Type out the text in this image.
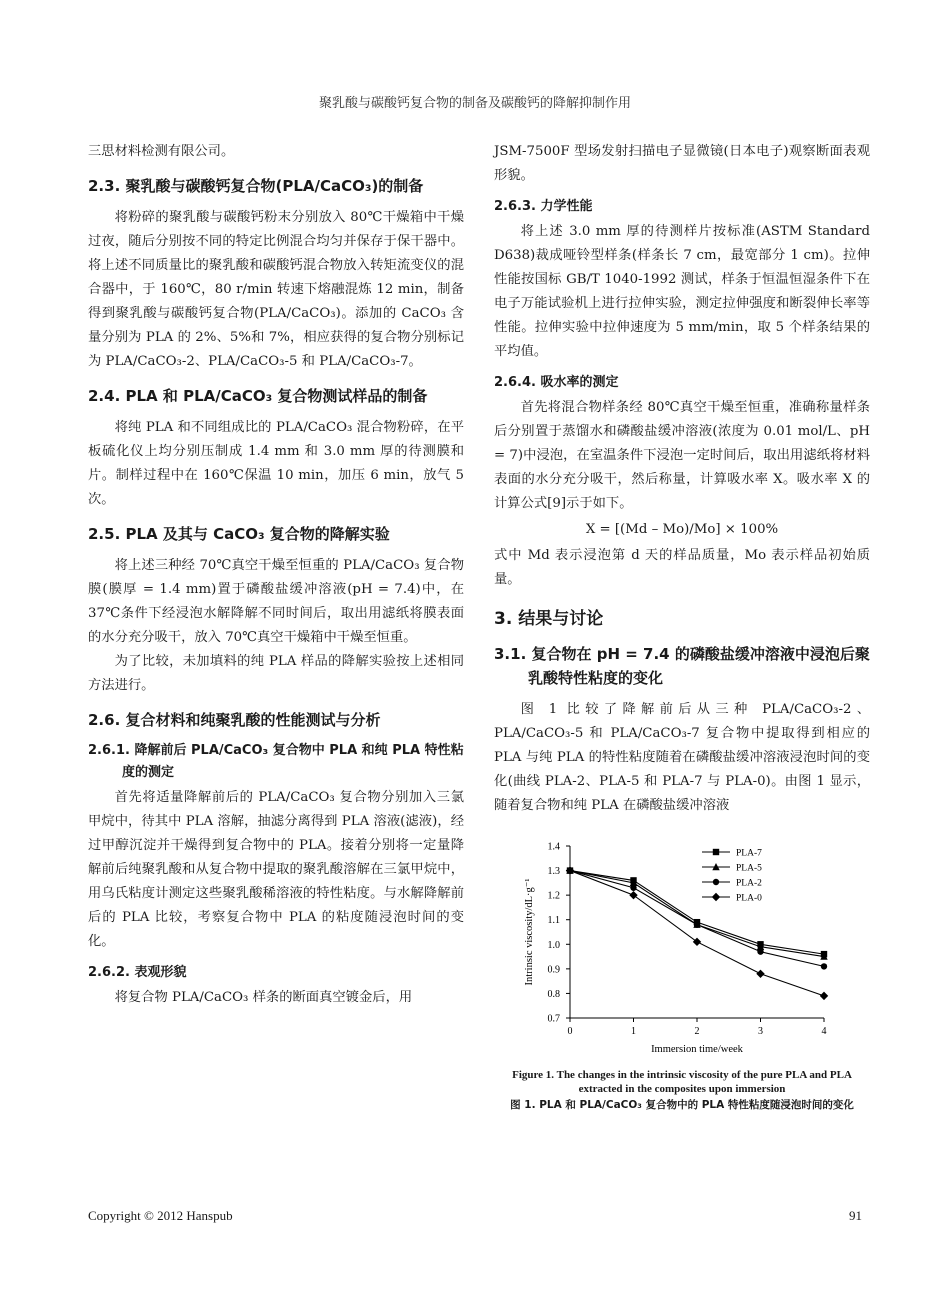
聚乳酸与碳酸钙复合物的制备及碳酸钙的降解抑制作用

三思材料检测有限公司。

2.3. 聚乳酸与碳酸钙复合物(PLA/CaCO₃)的制备

将粉碎的聚乳酸与碳酸钙粉末分别放入 80℃干燥箱中干燥过夜，随后分别按不同的特定比例混合均匀并保存于保干器中。将上述不同质量比的聚乳酸和碳酸钙混合物放入转矩流变仪的混合器中，于 160℃，80 r/min 转速下熔融混炼 12 min，制备得到聚乳酸与碳酸钙复合物(PLA/CaCO₃)。添加的 CaCO₃ 含量分别为 PLA 的 2%、5%和 7%，相应获得的复合物分别标记为 PLA/CaCO₃-2、PLA/CaCO₃-5 和 PLA/CaCO₃-7。

2.4. PLA 和 PLA/CaCO₃ 复合物测试样品的制备

将纯 PLA 和不同组成比的 PLA/CaCO₃ 混合物粉碎，在平板硫化仪上均分别压制成 1.4 mm 和 3.0 mm 厚的待测膜和片。制样过程中在 160℃保温 10 min，加压 6 min，放气 5 次。

2.5. PLA 及其与 CaCO₃ 复合物的降解实验

将上述三种经 70℃真空干燥至恒重的 PLA/CaCO₃ 复合物膜(膜厚 = 1.4 mm)置于磷酸盐缓冲溶液(pH = 7.4)中，在 37℃条件下经浸泡水解降解不同时间后，取出用滤纸将膜表面的水分充分吸干，放入 70℃真空干燥箱中干燥至恒重。

为了比较，未加填料的纯 PLA 样品的降解实验按上述相同方法进行。

2.6. 复合材料和纯聚乳酸的性能测试与分析
2.6.1. 降解前后 PLA/CaCO₃ 复合物中 PLA 和纯 PLA 特性粘度的测定

首先将适量降解前后的 PLA/CaCO₃ 复合物分别加入三氯甲烷中，待其中 PLA 溶解，抽滤分离得到 PLA 溶液(滤液)，经过甲醇沉淀并干燥得到复合物中的 PLA。接着分别将一定量降解前后纯聚乳酸和从复合物中提取的聚乳酸溶解在三氯甲烷中，用乌氏粘度计测定这些聚乳酸稀溶液的特性粘度。与水解降解前后的 PLA 比较，考察复合物中 PLA 的粘度随浸泡时间的变化。

2.6.2. 表观形貌

将复合物 PLA/CaCO₃ 样条的断面真空镀金后，用

JSM-7500F 型场发射扫描电子显微镜(日本电子)观察断面表观形貌。

2.6.3. 力学性能

将上述 3.0 mm 厚的待测样片按标准(ASTM Standard D638)裁成哑铃型样条(样条长 7 cm，最宽部分 1 cm)。拉伸性能按国标 GB/T 1040-1992 测试，样条于恒温恒湿条件下在电子万能试验机上进行拉伸实验，测定拉伸强度和断裂伸长率等性能。拉伸实验中拉伸速度为 5 mm/min，取 5 个样条结果的平均值。

2.6.4. 吸水率的测定

首先将混合物样条经 80℃真空干燥至恒重，准确称量样条后分别置于蒸馏水和磷酸盐缓冲溶液(浓度为 0.01 mol/L、pH = 7)中浸泡，在室温条件下浸泡一定时间后，取出用滤纸将材料表面的水分充分吸干，然后称量，计算吸水率 X。吸水率 X 的计算公式[9]示于如下。

X = [(Md – Mo)/Mo] × 100%

式中 Md 表示浸泡第 d 天的样品质量，Mo 表示样品初始质量。

3. 结果与讨论
3.1. 复合物在 pH = 7.4 的磷酸盐缓冲溶液中浸泡后聚乳酸特性粘度的变化

图 1 比较了降解前后从三种 PLA/CaCO₃-2、PLA/CaCO₃-5 和 PLA/CaCO₃-7 复合物中提取得到相应的 PLA 与纯 PLA 的特性粘度随着在磷酸盐缓冲溶液浸泡时间的变化(曲线 PLA-2、PLA-5 和 PLA-7 与 PLA-0)。由图 1 显示，随着复合物和纯 PLA 在磷酸盐缓冲溶液

0.7
0.8
0.9
1.0
1.1
1.2
1.3
1.4
0	1	2	3	4
Immersion time/week
Intrinsic viscosity/dL·g⁻¹
PLA-7
PLA-5
PLA-2
PLA-0
Figure 1. The changes in the intrinsic viscosity of the pure PLA and PLA extracted in the composites upon immersion
图 1. PLA 和 PLA/CaCO₃ 复合物中的 PLA 特性粘度随浸泡时间的变化
Copyright © 2012 Hanspub	91
